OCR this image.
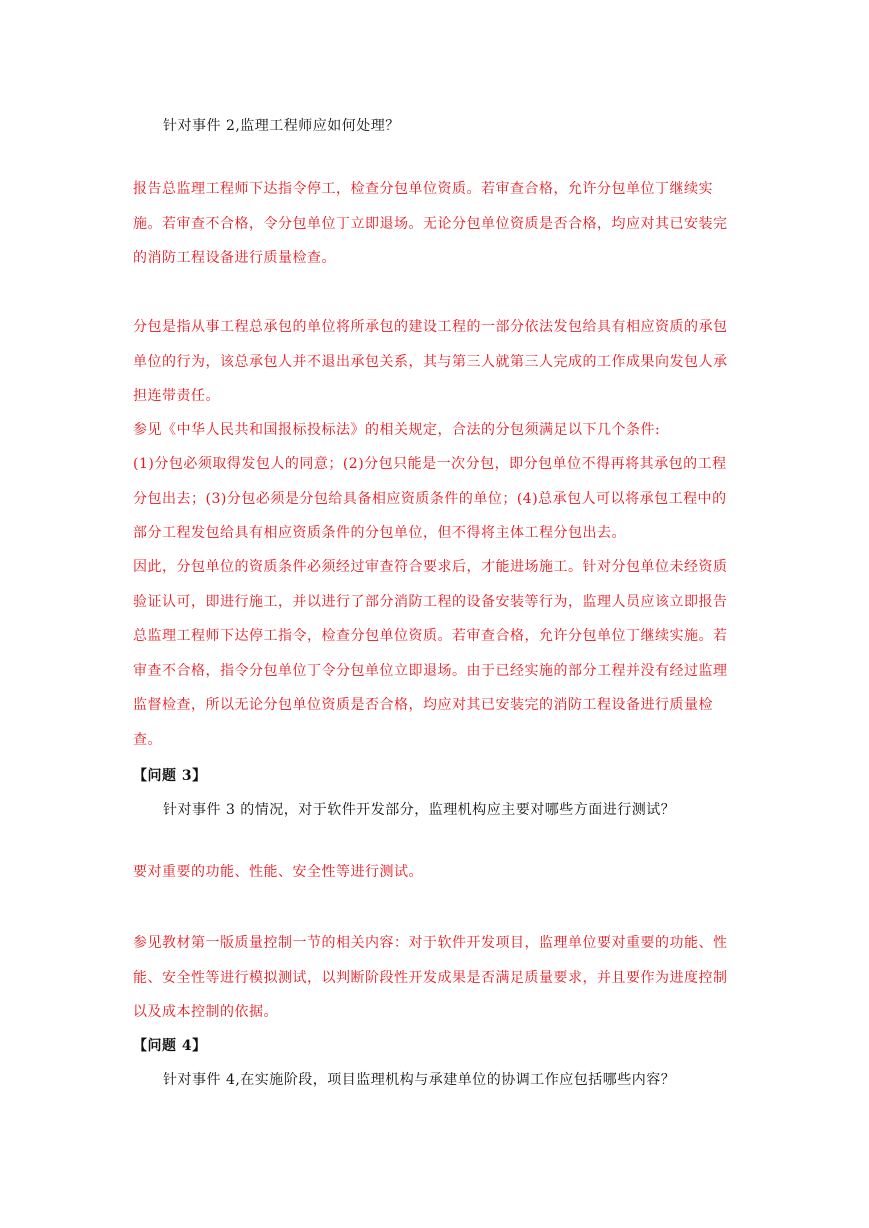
针对事件 2,监理工程师应如何处理？
报告总监理工程师下达指令停工，检查分包单位资质。若审查合格，允许分包单位丁继续实施。若审查不合格，令分包单位丁立即退场。无论分包单位资质是否合格，均应对其已安装完的消防工程设备进行质量检查。
分包是指从事工程总承包的单位将所承包的建设工程的一部分依法发包给具有相应资质的承包单位的行为，该总承包人并不退出承包关系，其与第三人就第三人完成的工作成果向发包人承担连带责任。
参见《中华人民共和国报标投标法》的相关规定，合法的分包须满足以下几个条件:
(1)分包必须取得发包人的同意；(2)分包只能是一次分包，即分包单位不得再将其承包的工程分包出去；(3)分包必须是分包给具备相应资质条件的单位；(4)总承包人可以将承包工程中的部分工程发包给具有相应资质条件的分包单位，但不得将主体工程分包出去。
因此，分包单位的资质条件必须经过审查符合要求后，才能进场施工。针对分包单位未经资质验证认可，即进行施工，并以进行了部分消防工程的设备安装等行为，监理人员应该立即报告总监理工程师下达停工指令，检查分包单位资质。若审查合格，允许分包单位丁继续实施。若审查不合格，指令分包单位丁令分包单位立即退场。由于已经实施的部分工程并没有经过监理监督检查，所以无论分包单位资质是否合格，均应对其已安装完的消防工程设备进行质量检查。
【问题 3】
针对事件 3 的情况，对于软件开发部分，监理机构应主要对哪些方面进行测试？
要对重要的功能、性能、安全性等进行测试。
参见教材第一版质量控制一节的相关内容：对于软件开发项目，监理单位要对重要的功能、性能、安全性等进行模拟测试，以判断阶段性开发成果是否满足质量要求，并且要作为进度控制以及成本控制的依据。
【问题 4】
针对事件 4,在实施阶段，项目监理机构与承建单位的协调工作应包括哪些内容？
